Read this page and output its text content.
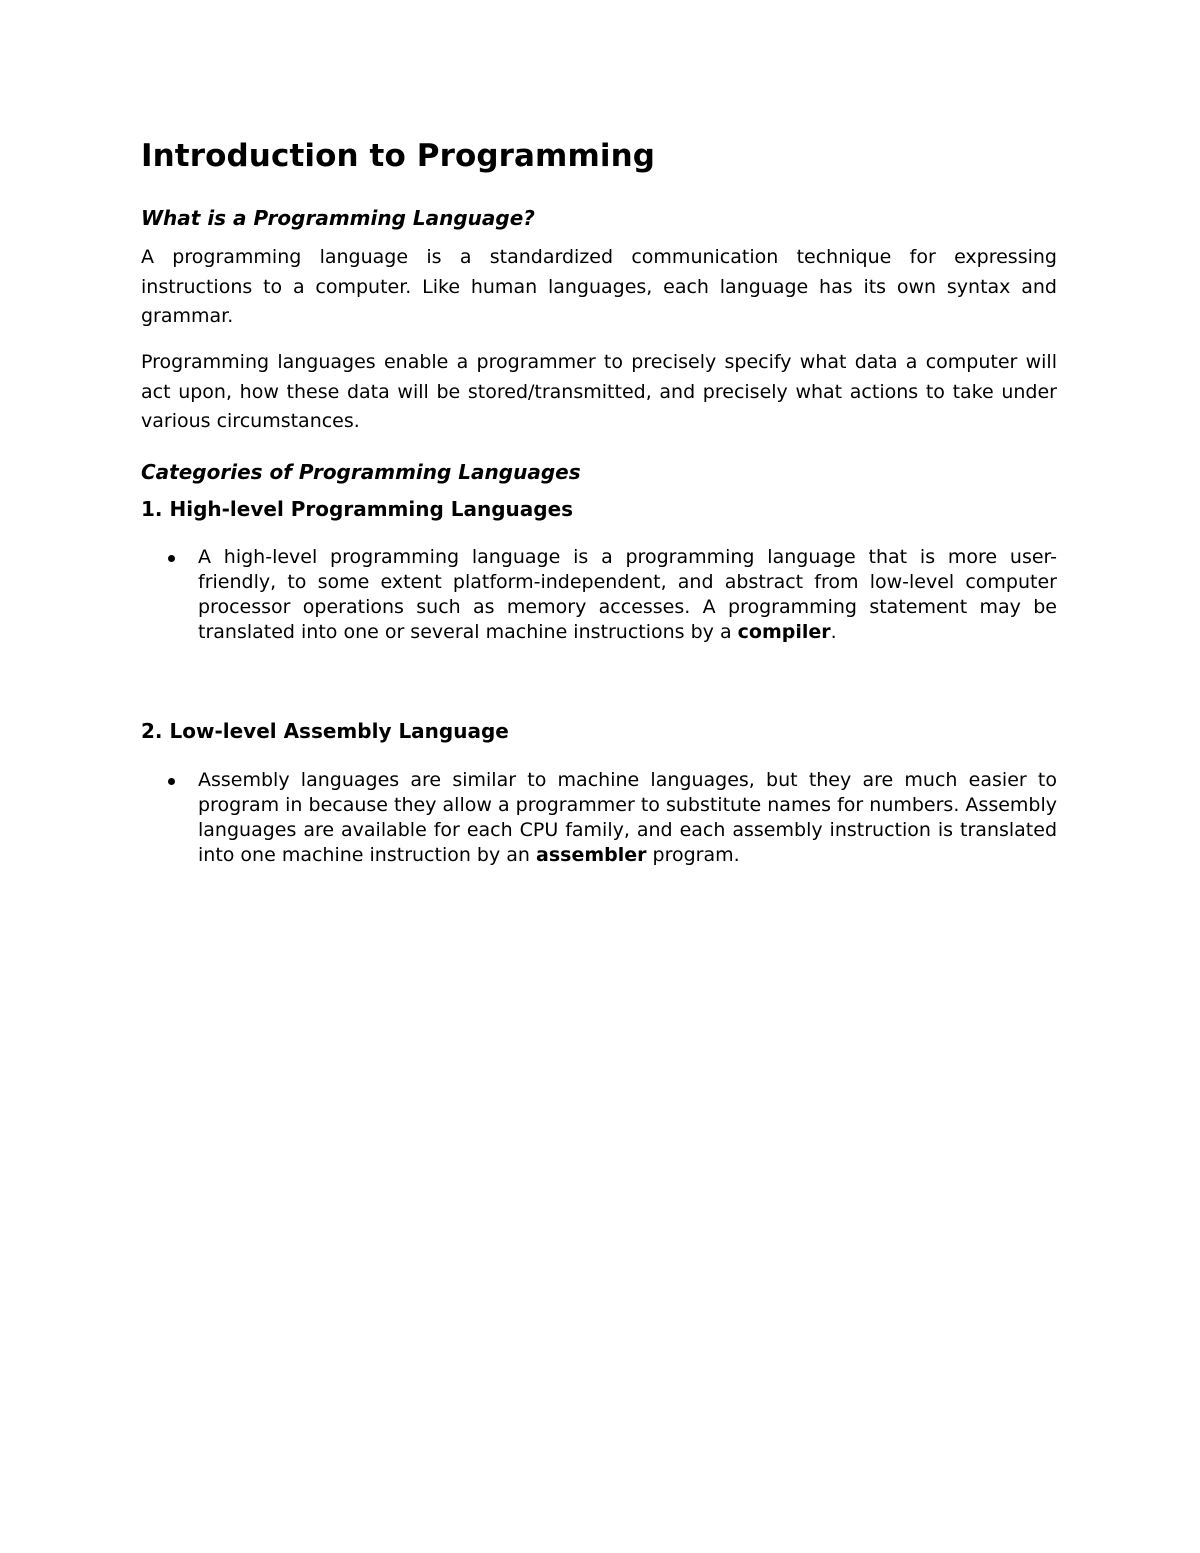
Introduction to Programming
What is a Programming Language?

A programming language is a standardized communication technique for expressing instructions to a computer. Like human languages, each language has its own syntax and grammar.

Programming languages enable a programmer to precisely specify what data a computer will act upon, how these data will be stored/transmitted, and precisely what actions to take under various circumstances.

Categories of Programming Languages
1. High-level Programming Languages
A high-level programming language is a programming language that is more user-friendly, to some extent platform-independent, and abstract from low-level computer processor operations such as memory accesses. A programming statement may be translated into one or several machine instructions by a compiler.
2. Low-level Assembly Language
Assembly languages are similar to machine languages, but they are much easier to program in because they allow a programmer to substitute names for numbers. Assembly languages are available for each CPU family, and each assembly instruction is translated into one machine instruction by an assembler program.
